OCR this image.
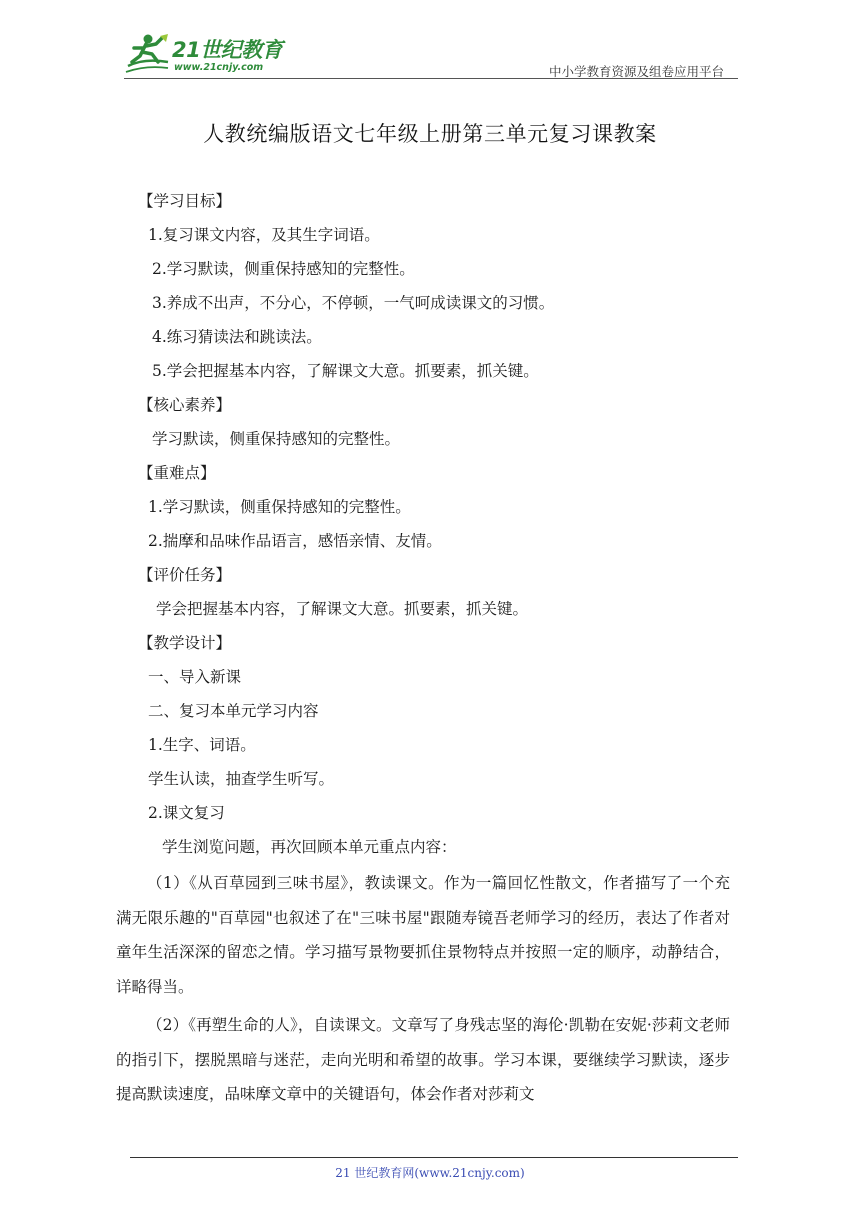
21世纪教育
www.21cnjy.com	中小学教育资源及组卷应用平台
人教统编版语文七年级上册第三单元复习课教案
【学习目标】
1.复习课文内容，及其生字词语。
2.学习默读，侧重保持感知的完整性。
3.养成不出声，不分心，不停顿，一气呵成读课文的习惯。
4.练习猜读法和跳读法。
5.学会把握基本内容，了解课文大意。抓要素，抓关键。
【核心素养】
学习默读，侧重保持感知的完整性。
【重难点】
1.学习默读，侧重保持感知的完整性。
2.揣摩和品味作品语言，感悟亲情、友情。
【评价任务】
学会把握基本内容，了解课文大意。抓要素，抓关键。
【教学设计】
一、导入新课
二、复习本单元学习内容
1.生字、词语。
学生认读，抽查学生听写。
2.课文复习
学生浏览问题，再次回顾本单元重点内容：

（1）《从百草园到三味书屋》，教读课文。作为一篇回忆性散文，作者描写了一个充满无限乐趣的"百草园"也叙述了在"三味书屋"跟随寿镜吾老师学习的经历，表达了作者对童年生活深深的留恋之情。学习描写景物要抓住景物特点并按照一定的顺序，动静结合，详略得当。

（2）《再塑生命的人》，自读课文。文章写了身残志坚的海伦·凯勒在安妮·莎莉文老师的指引下，摆脱黑暗与迷茫，走向光明和希望的故事。学习本课，要继续学习默读，逐步提高默读速度，品味摩文章中的关键语句，体会作者对莎莉文

21 世纪教育网(www.21cnjy.com)
